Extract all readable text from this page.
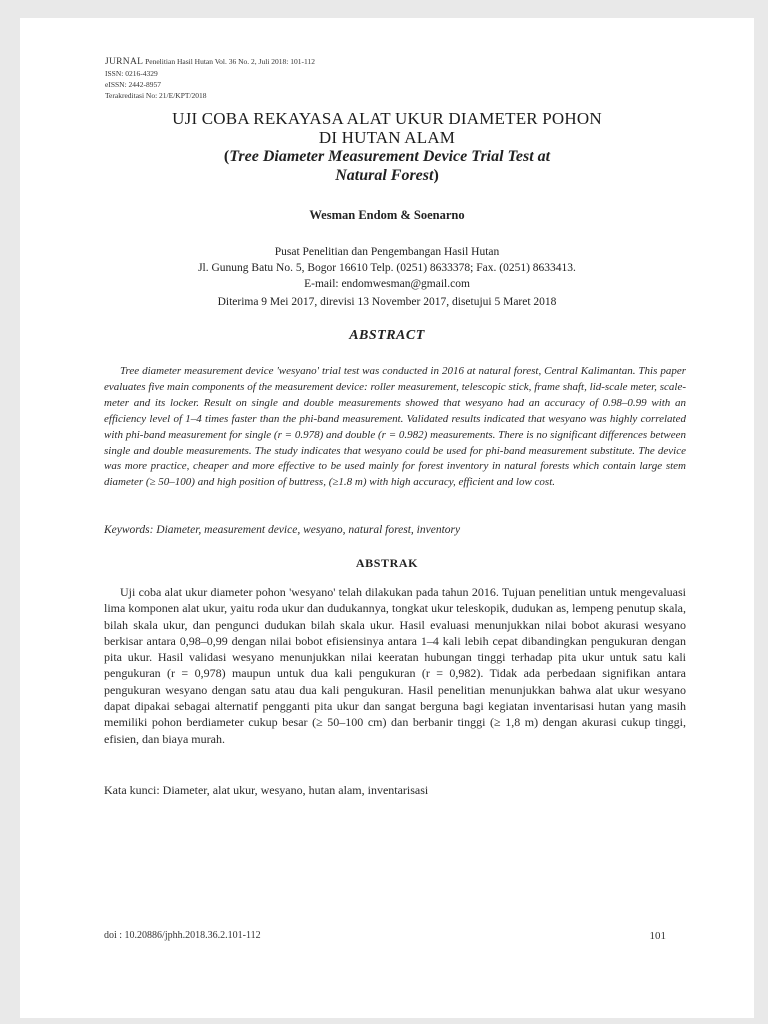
JURNAL Penelitian Hasil Hutan Vol. 36 No. 2, Juli 2018: 101-112
ISSN: 0216-4329
eISSN: 2442-8957
Terakreditasi No: 21/E/KPT/2018
UJI COBA REKAYASA ALAT UKUR DIAMETER POHON
DI HUTAN ALAM
(Tree Diameter Measurement Device Trial Test at
Natural Forest)
Wesman Endom & Soenarno
Pusat Penelitian dan Pengembangan Hasil Hutan
Jl. Gunung Batu No. 5, Bogor 16610 Telp. (0251) 8633378; Fax. (0251) 8633413.
E-mail: endomwesman@gmail.com
Diterima 9 Mei 2017, direvisi 13 November 2017, disetujui 5 Maret 2018
ABSTRACT

Tree diameter measurement device 'wesyano' trial test was conducted in 2016 at natural forest, Central Kalimantan. This paper evaluates five main components of the measurement device: roller measurement, telescopic stick, frame shaft, lid-scale meter, scale-meter and its locker. Result on single and double measurements showed that wesyano had an accuracy of 0.98–0.99 with an efficiency level of 1–4 times faster than the phi-band measurement. Validated results indicated that wesyano was highly correlated with phi-band measurement for single (r = 0.978) and double (r = 0.982) measurements. There is no significant differences between single and double measurements. The study indicates that wesyano could be used for phi-band measurement substitute. The device was more practice, cheaper and more effective to be used mainly for forest inventory in natural forests which contain large stem diameter (≥ 50–100) and high position of buttress, (≥1.8 m) with high accuracy, efficient and low cost.

Keywords: Diameter, measurement device, wesyano, natural forest, inventory
ABSTRAK

Uji coba alat ukur diameter pohon 'wesyano' telah dilakukan pada tahun 2016. Tujuan penelitian untuk mengevaluasi lima komponen alat ukur, yaitu roda ukur dan dudukannya, tongkat ukur teleskopik, dudukan as, lempeng penutup skala, bilah skala ukur, dan pengunci dudukan bilah skala ukur. Hasil evaluasi menunjukkan nilai bobot akurasi wesyano berkisar antara 0,98–0,99 dengan nilai bobot efisiensinya antara 1–4 kali lebih cepat dibandingkan pengukuran dengan pita ukur. Hasil validasi wesyano menunjukkan nilai keeratan hubungan tinggi terhadap pita ukur untuk satu kali pengukuran (r = 0,978) maupun untuk dua kali pengukuran (r = 0,982). Tidak ada perbedaan signifikan antara pengukuran wesyano dengan satu atau dua kali pengukuran. Hasil penelitian menunjukkan bahwa alat ukur wesyano dapat dipakai sebagai alternatif pengganti pita ukur dan sangat berguna bagi kegiatan inventarisasi hutan yang masih memiliki pohon berdiameter cukup besar (≥ 50–100 cm) dan berbanir tinggi (≥ 1,8 m) dengan akurasi cukup tinggi, efisien, dan biaya murah.

Kata kunci: Diameter, alat ukur, wesyano, hutan alam, inventarisasi
doi : 10.20886/jphh.2018.36.2.101-112	101
